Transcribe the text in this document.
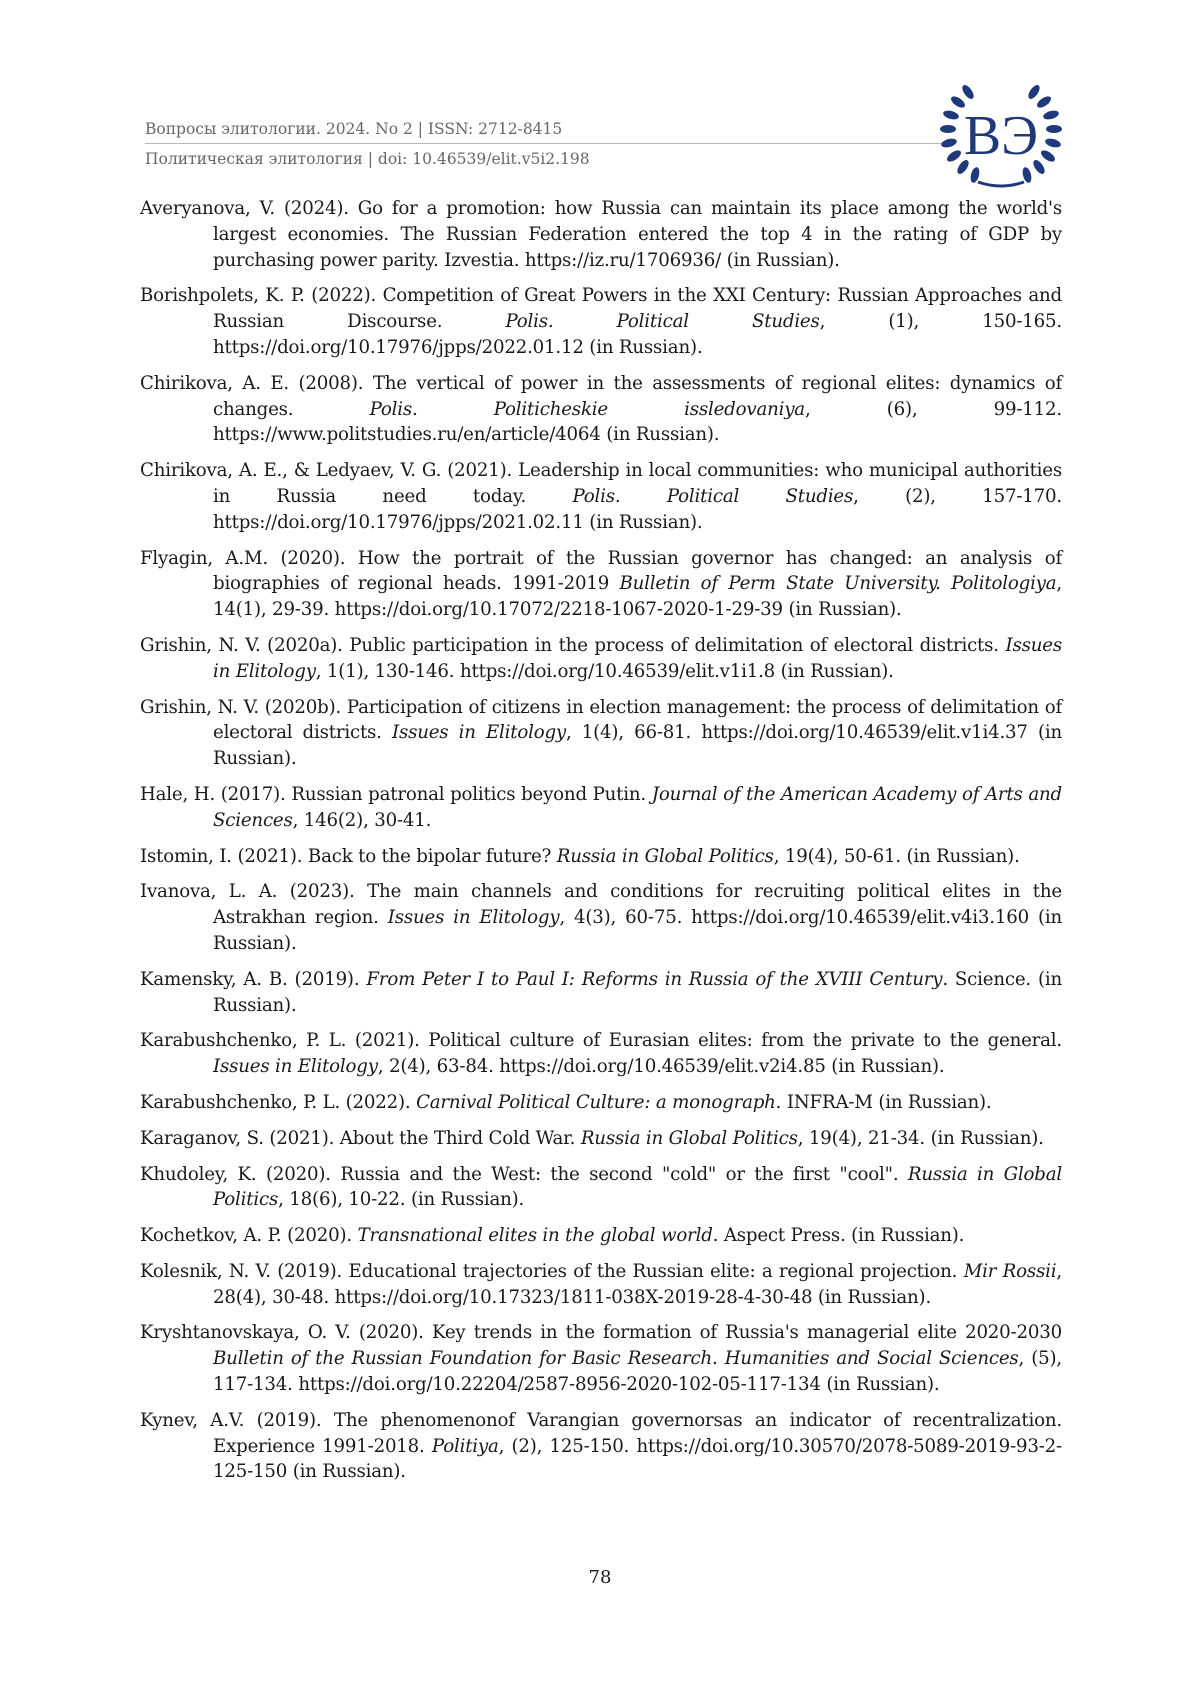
Вопросы элитологии. 2024. No 2 | ISSN: 2712-8415
Политическая элитология | doi: 10.46539/elit.v5i2.198	ВЭ

Averyanova, V. (2024). Go for a promotion: how Russia can maintain its place among the world's largest economies. The Russian Federation entered the top 4 in the rating of GDP by purchasing power parity. Izvestia. https://iz.ru/1706936/ (in Russian).

Borishpolets, K. P. (2022). Competition of Great Powers in the XXI Century: Russian Approaches and Russian Discourse. Polis. Political Studies, (1), 150-165. https://doi.org/10.17976/jpps/2022.01.12 (in Russian).

Chirikova, A. E. (2008). The vertical of power in the assessments of regional elites: dynamics of changes. Polis. Politicheskie issledovaniya, (6), 99-112. https://www.politstudies.ru/en/article/4064 (in Russian).

Chirikova, A. E., & Ledyaev, V. G. (2021). Leadership in local communities: who municipal authorities in Russia need today. Polis. Political Studies, (2), 157-170. https://doi.org/10.17976/jpps/2021.02.11 (in Russian).

Flyagin, A.M. (2020). How the portrait of the Russian governor has changed: an analysis of biographies of regional heads. 1991-2019 Bulletin of Perm State University. Politologiya, 14(1), 29-39. https://doi.org/10.17072/2218-1067-2020-1-29-39 (in Russian).

Grishin, N. V. (2020a). Public participation in the process of delimitation of electoral districts. Issues in Elitology, 1(1), 130-146. https://doi.org/10.46539/elit.v1i1.8 (in Russian).

Grishin, N. V. (2020b). Participation of citizens in election management: the process of delimitation of electoral districts. Issues in Elitology, 1(4), 66-81. https://doi.org/10.46539/elit.v1i4.37 (in Russian).

Hale, H. (2017). Russian patronal politics beyond Putin. Journal of the American Academy of Arts and Sciences, 146(2), 30-41.

Istomin, I. (2021). Back to the bipolar future? Russia in Global Politics, 19(4), 50-61. (in Russian).

Ivanova, L. A. (2023). The main channels and conditions for recruiting political elites in the Astrakhan region. Issues in Elitology, 4(3), 60-75. https://doi.org/10.46539/elit.v4i3.160 (in Russian).

Kamensky, A. B. (2019). From Peter I to Paul I: Reforms in Russia of the XVIII Century. Science. (in Russian).

Karabushchenko, P. L. (2021). Political culture of Eurasian elites: from the private to the general. Issues in Elitology, 2(4), 63-84. https://doi.org/10.46539/elit.v2i4.85 (in Russian).

Karabushchenko, P. L. (2022). Carnival Political Culture: a monograph. INFRA-M (in Russian).

Karaganov, S. (2021). About the Third Cold War. Russia in Global Politics, 19(4), 21-34. (in Russian).

Khudoley, K. (2020). Russia and the West: the second "cold" or the first "cool". Russia in Global Politics, 18(6), 10-22. (in Russian).

Kochetkov, A. P. (2020). Transnational elites in the global world. Aspect Press. (in Russian).

Kolesnik, N. V. (2019). Educational trajectories of the Russian elite: a regional projection. Mir Rossii, 28(4), 30-48. https://doi.org/10.17323/1811-038X-2019-28-4-30-48 (in Russian).

Kryshtanovskaya, O. V. (2020). Key trends in the formation of Russia's managerial elite 2020-2030 Bulletin of the Russian Foundation for Basic Research. Humanities and Social Sciences, (5), 117-134. https://doi.org/10.22204/2587-8956-2020-102-05-117-134 (in Russian).

Kynev, A.V. (2019). The phenomenonof Varangian governorsas an indicator of recentralization. Experience 1991-2018. Politiya, (2), 125-150. https://doi.org/10.30570/2078-5089-2019-93-2-125-150 (in Russian).

78
